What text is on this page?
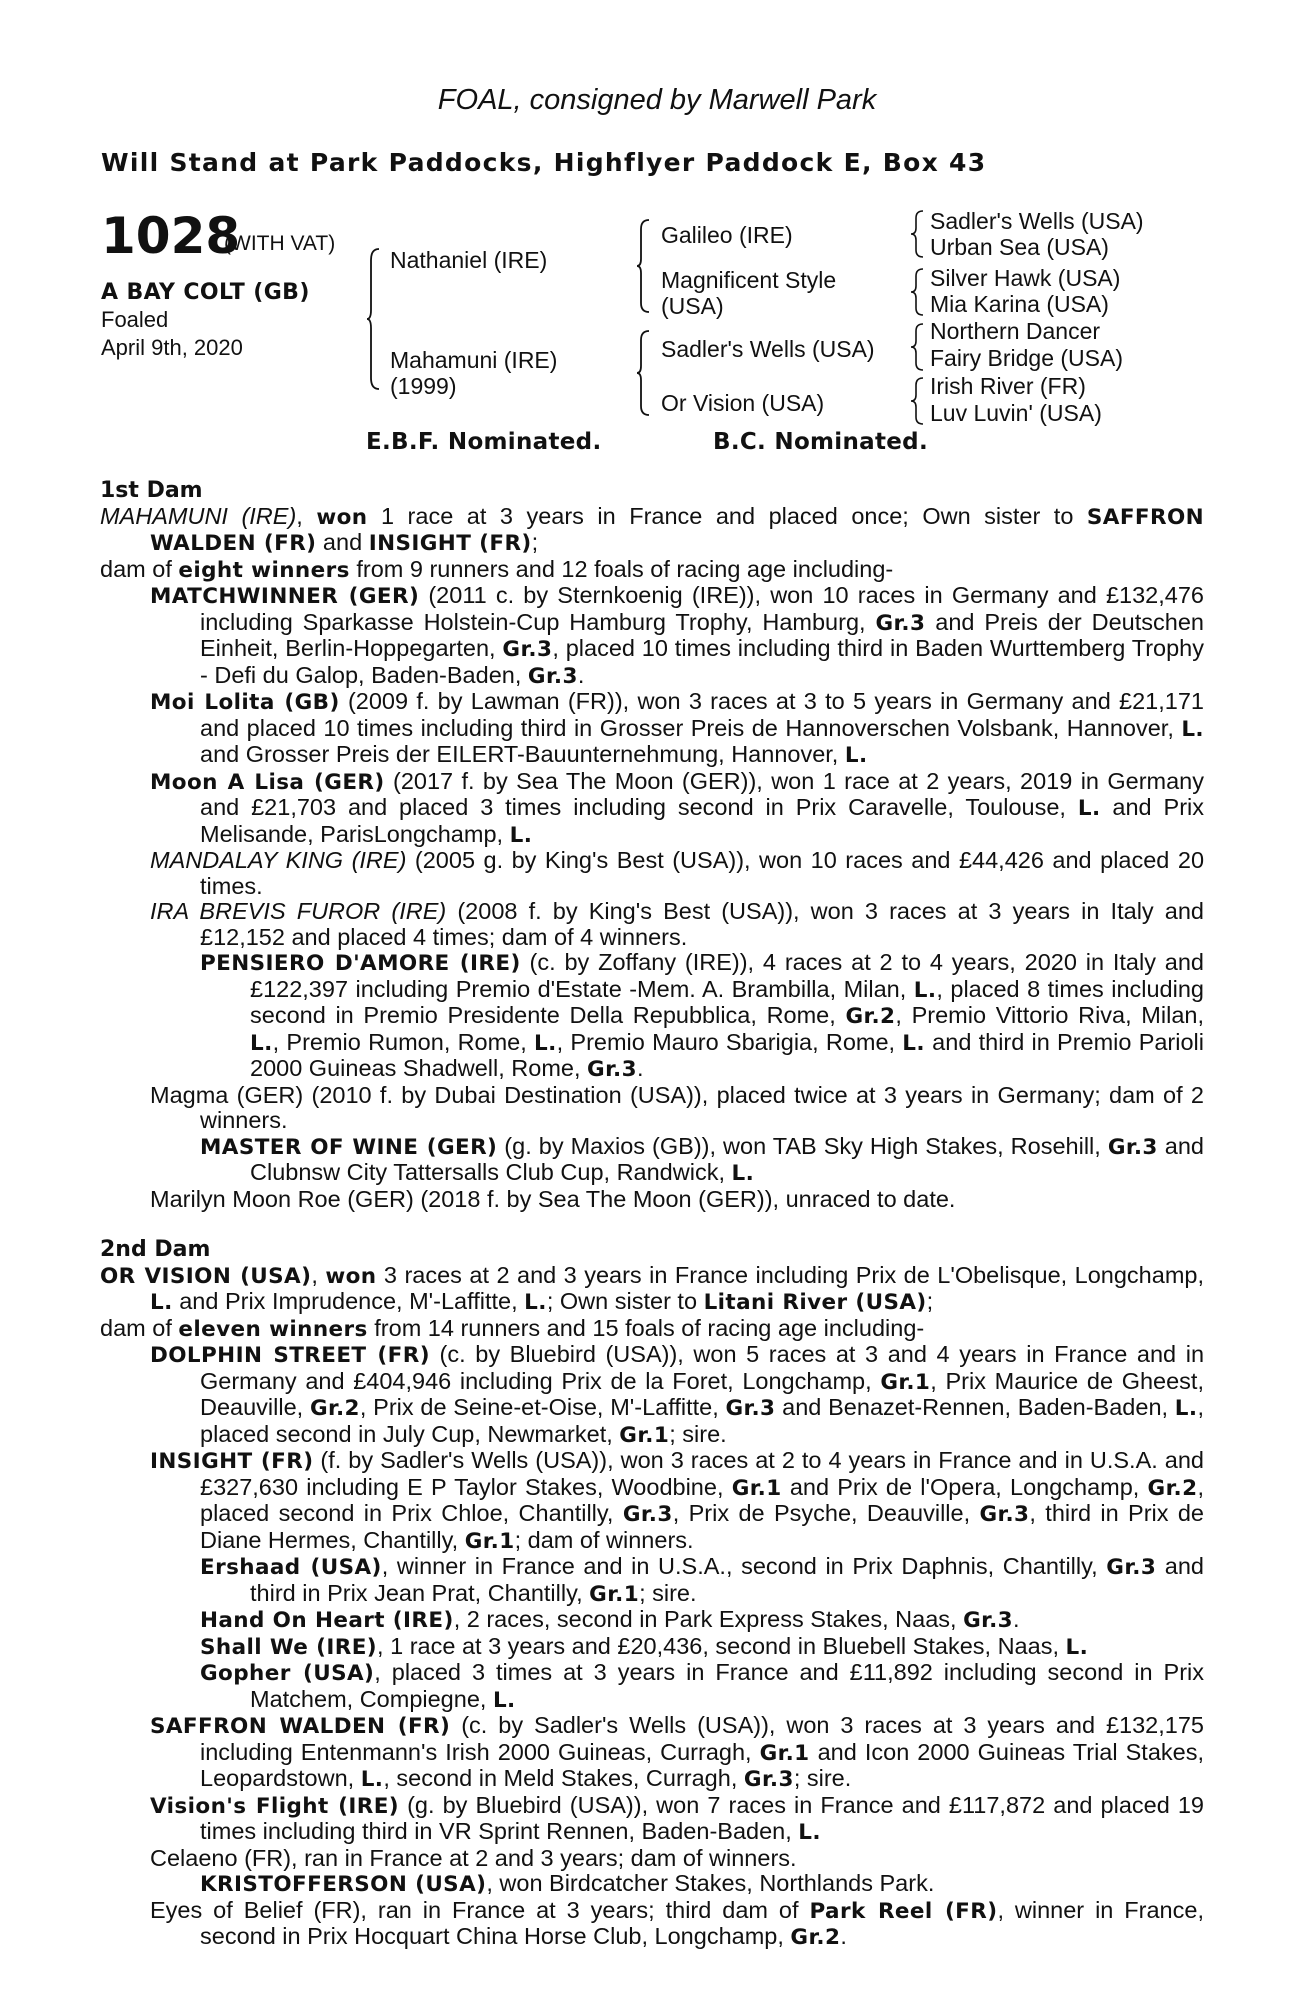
FOAL, consigned by Marwell Park
Will Stand at Park Paddocks, Highflyer Paddock E, Box 43
1028
(WITH VAT)
A BAY COLT (GB)
Foaled
April 9th, 2020
Nathaniel (IRE)
Mahamuni (IRE)
(1999)
Galileo (IRE)
Magnificent Style
(USA)
Sadler's Wells (USA)
Or Vision (USA)
Sadler's Wells (USA)
Urban Sea (USA)
Silver Hawk (USA)
Mia Karina (USA)
Northern Dancer
Fairy Bridge (USA)
Irish River (FR)
Luv Luvin' (USA)
E.B.F. Nominated.	B.C. Nominated.
1st Dam

MAHAMUNI (IRE), won 1 race at 3 years in France and placed once; Own sister to SAFFRON WALDEN (FR) and INSIGHT (FR);

dam of eight winners from 9 runners and 12 foals of racing age including-

MATCHWINNER (GER) (2011 c. by Sternkoenig (IRE)), won 10 races in Germany and £132,476 including Sparkasse Holstein-Cup Hamburg Trophy, Hamburg, Gr.3 and Preis der Deutschen Einheit, Berlin-Hoppegarten, Gr.3, placed 10 times including third in Baden Wurttemberg Trophy - Defi du Galop, Baden-Baden, Gr.3.

Moi Lolita (GB) (2009 f. by Lawman (FR)), won 3 races at 3 to 5 years in Germany and £21,171 and placed 10 times including third in Grosser Preis de Hannoverschen Volsbank, Hannover, L. and Grosser Preis der EILERT-Bauunternehmung, Hannover, L.

Moon A Lisa (GER) (2017 f. by Sea The Moon (GER)), won 1 race at 2 years, 2019 in Germany and £21,703 and placed 3 times including second in Prix Caravelle, Toulouse, L. and Prix Melisande, ParisLongchamp, L.

MANDALAY KING (IRE) (2005 g. by King's Best (USA)), won 10 races and £44,426 and placed 20 times.

IRA BREVIS FUROR (IRE) (2008 f. by King's Best (USA)), won 3 races at 3 years in Italy and £12,152 and placed 4 times; dam of 4 winners.

PENSIERO D'AMORE (IRE) (c. by Zoffany (IRE)), 4 races at 2 to 4 years, 2020 in Italy and £122,397 including Premio d'Estate -Mem. A. Brambilla, Milan, L., placed 8 times including second in Premio Presidente Della Repubblica, Rome, Gr.2, Premio Vittorio Riva, Milan, L., Premio Rumon, Rome, L., Premio Mauro Sbarigia, Rome, L. and third in Premio Parioli 2000 Guineas Shadwell, Rome, Gr.3.

Magma (GER) (2010 f. by Dubai Destination (USA)), placed twice at 3 years in Germany; dam of 2 winners.

MASTER OF WINE (GER) (g. by Maxios (GB)), won TAB Sky High Stakes, Rosehill, Gr.3 and Clubnsw City Tattersalls Club Cup, Randwick, L.

Marilyn Moon Roe (GER) (2018 f. by Sea The Moon (GER)), unraced to date.

2nd Dam

OR VISION (USA), won 3 races at 2 and 3 years in France including Prix de L'Obelisque, Longchamp, L. and Prix Imprudence, M'-Laffitte, L.; Own sister to Litani River (USA);

dam of eleven winners from 14 runners and 15 foals of racing age including-

DOLPHIN STREET (FR) (c. by Bluebird (USA)), won 5 races at 3 and 4 years in France and in Germany and £404,946 including Prix de la Foret, Longchamp, Gr.1, Prix Maurice de Gheest, Deauville, Gr.2, Prix de Seine-et-Oise, M'-Laffitte, Gr.3 and Benazet-Rennen, Baden-Baden, L., placed second in July Cup, Newmarket, Gr.1; sire.

INSIGHT (FR) (f. by Sadler's Wells (USA)), won 3 races at 2 to 4 years in France and in U.S.A. and £327,630 including E P Taylor Stakes, Woodbine, Gr.1 and Prix de l'Opera, Longchamp, Gr.2, placed second in Prix Chloe, Chantilly, Gr.3, Prix de Psyche, Deauville, Gr.3, third in Prix de Diane Hermes, Chantilly, Gr.1; dam of winners.

Ershaad (USA), winner in France and in U.S.A., second in Prix Daphnis, Chantilly, Gr.3 and third in Prix Jean Prat, Chantilly, Gr.1; sire.

Hand On Heart (IRE), 2 races, second in Park Express Stakes, Naas, Gr.3.

Shall We (IRE), 1 race at 3 years and £20,436, second in Bluebell Stakes, Naas, L.

Gopher (USA), placed 3 times at 3 years in France and £11,892 including second in Prix Matchem, Compiegne, L.

SAFFRON WALDEN (FR) (c. by Sadler's Wells (USA)), won 3 races at 3 years and £132,175 including Entenmann's Irish 2000 Guineas, Curragh, Gr.1 and Icon 2000 Guineas Trial Stakes, Leopardstown, L., second in Meld Stakes, Curragh, Gr.3; sire.

Vision's Flight (IRE) (g. by Bluebird (USA)), won 7 races in France and £117,872 and placed 19 times including third in VR Sprint Rennen, Baden-Baden, L.

Celaeno (FR), ran in France at 2 and 3 years; dam of winners.

KRISTOFFERSON (USA), won Birdcatcher Stakes, Northlands Park.

Eyes of Belief (FR), ran in France at 3 years; third dam of Park Reel (FR), winner in France, second in Prix Hocquart China Horse Club, Longchamp, Gr.2.
